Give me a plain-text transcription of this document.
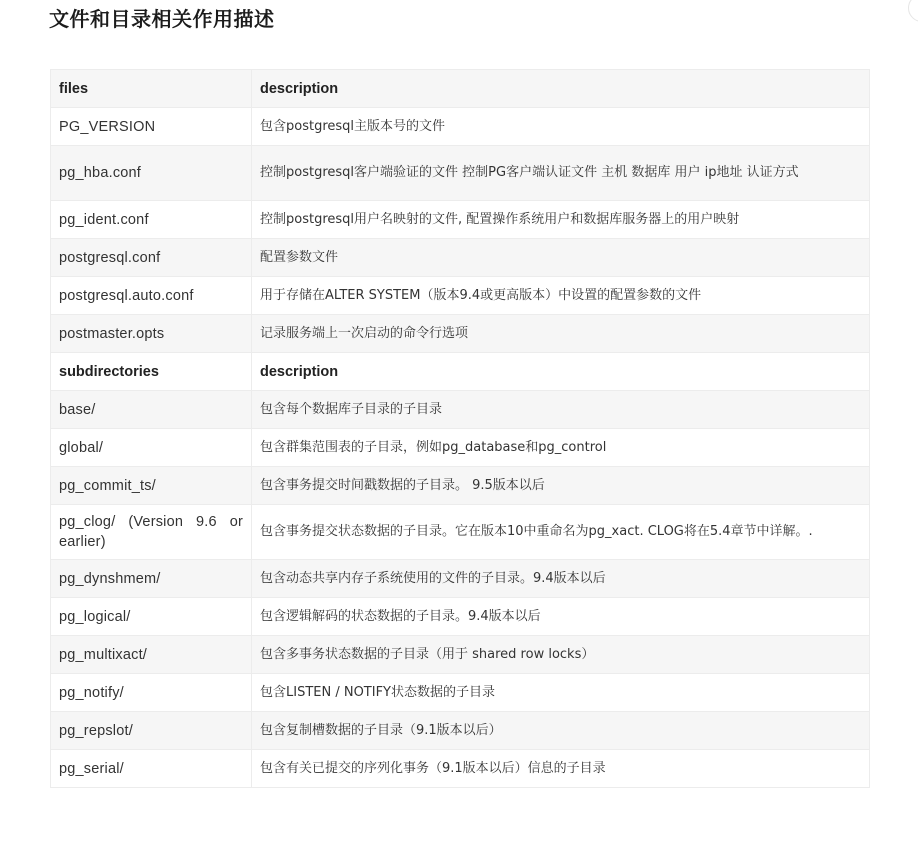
文件和目录相关作用描述
files	description
PG_VERSION	包含postgresql主版本号的文件
pg_hba.conf	控制postgresql客户端验证的文件 控制PG客户端认证文件 主机 数据库 用户 ip地址 认证方式
pg_ident.conf	控制postgresql用户名映射的文件, 配置操作系统用户和数据库服务器上的用户映射
postgresql.conf	配置参数文件
postgresql.auto.conf	用于存储在ALTER SYSTEM（版本9.4或更高版本）中设置的配置参数的文件
postmaster.opts	记录服务端上一次启动的命令行选项
subdirectories	description
base/	包含每个数据库子目录的子目录
global/	包含群集范围表的子目录，例如pg_database和pg_control
pg_commit_ts/	包含事务提交时间戳数据的子目录。 9.5版本以后
pg_clog/ (Version 9.6 or earlier)	包含事务提交状态数据的子目录。它在版本10中重命名为pg_xact. CLOG将在5.4章节中详解。.
pg_dynshmem/	包含动态共享内存子系统使用的文件的子目录。9.4版本以后
pg_logical/	包含逻辑解码的状态数据的子目录。9.4版本以后
pg_multixact/	包含多事务状态数据的子目录（用于 shared row locks）
pg_notify/	包含LISTEN / NOTIFY状态数据的子目录
pg_repslot/	包含复制槽数据的子目录（9.1版本以后）
pg_serial/	包含有关已提交的序列化事务（9.1版本以后）信息的子目录
